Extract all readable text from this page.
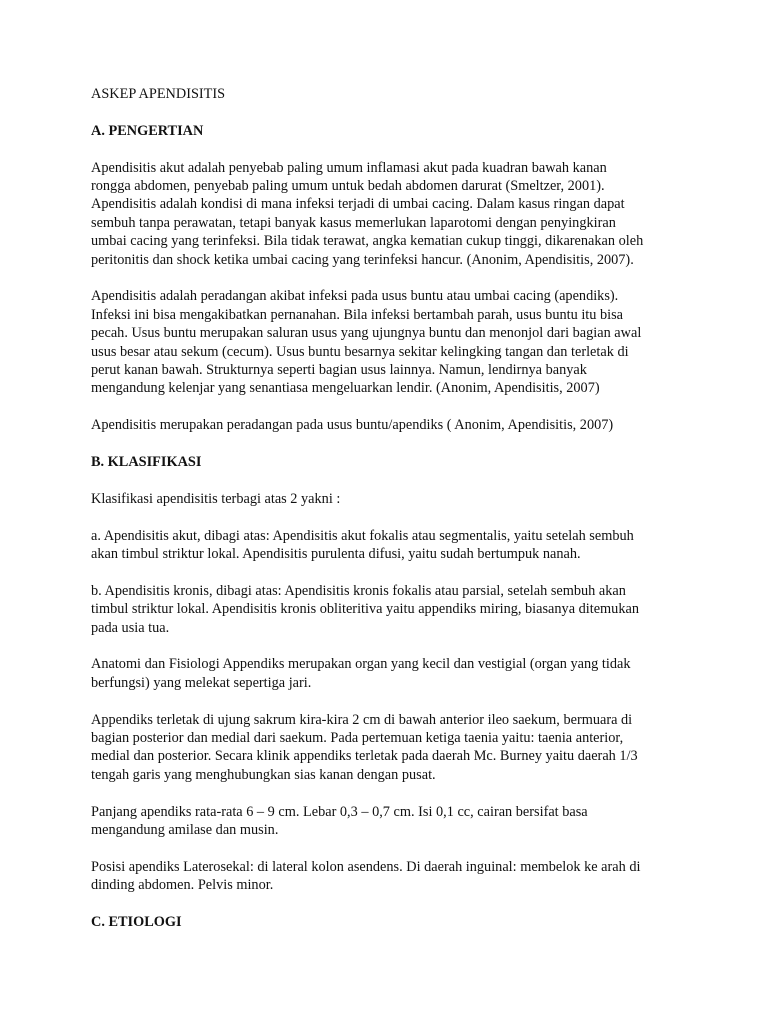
ASKEP APENDISITIS

A. PENGERTIAN

Apendisitis akut adalah penyebab paling umum inflamasi akut pada kuadran bawah kanan
rongga abdomen, penyebab paling umum untuk bedah abdomen darurat (Smeltzer, 2001).
Apendisitis adalah kondisi di mana infeksi terjadi di umbai cacing. Dalam kasus ringan dapat
sembuh tanpa perawatan, tetapi banyak kasus memerlukan laparotomi dengan penyingkiran
umbai cacing yang terinfeksi. Bila tidak terawat, angka kematian cukup tinggi, dikarenakan oleh
peritonitis dan shock ketika umbai cacing yang terinfeksi hancur. (Anonim, Apendisitis, 2007).

Apendisitis adalah peradangan akibat infeksi pada usus buntu atau umbai cacing (apendiks).
Infeksi ini bisa mengakibatkan pernanahan. Bila infeksi bertambah parah, usus buntu itu bisa
pecah. Usus buntu merupakan saluran usus yang ujungnya buntu dan menonjol dari bagian awal
usus besar atau sekum (cecum). Usus buntu besarnya sekitar kelingking tangan dan terletak di
perut kanan bawah. Strukturnya seperti bagian usus lainnya. Namun, lendirnya banyak
mengandung kelenjar yang senantiasa mengeluarkan lendir. (Anonim, Apendisitis, 2007)

Apendisitis merupakan peradangan pada usus buntu/apendiks ( Anonim, Apendisitis, 2007)

B. KLASIFIKASI

Klasifikasi apendisitis terbagi atas 2 yakni :

a. Apendisitis akut, dibagi atas: Apendisitis akut fokalis atau segmentalis, yaitu setelah sembuh
akan timbul striktur lokal. Apendisitis purulenta difusi, yaitu sudah bertumpuk nanah.

b. Apendisitis kronis, dibagi atas: Apendisitis kronis fokalis atau parsial, setelah sembuh akan
timbul striktur lokal. Apendisitis kronis obliteritiva yaitu appendiks miring, biasanya ditemukan
pada usia tua.

Anatomi dan Fisiologi Appendiks merupakan organ yang kecil dan vestigial (organ yang tidak
berfungsi) yang melekat sepertiga jari.

Appendiks terletak di ujung sakrum kira-kira 2 cm di bawah anterior ileo saekum, bermuara di
bagian posterior dan medial dari saekum. Pada pertemuan ketiga taenia yaitu: taenia anterior,
medial dan posterior. Secara klinik appendiks terletak pada daerah Mc. Burney yaitu daerah 1/3
tengah garis yang menghubungkan sias kanan dengan pusat.

Panjang apendiks rata-rata 6 – 9 cm. Lebar 0,3 – 0,7 cm. Isi 0,1 cc, cairan bersifat basa
mengandung amilase dan musin.

Posisi apendiks Laterosekal: di lateral kolon asendens. Di daerah inguinal: membelok ke arah di
dinding abdomen. Pelvis minor.

C. ETIOLOGI
